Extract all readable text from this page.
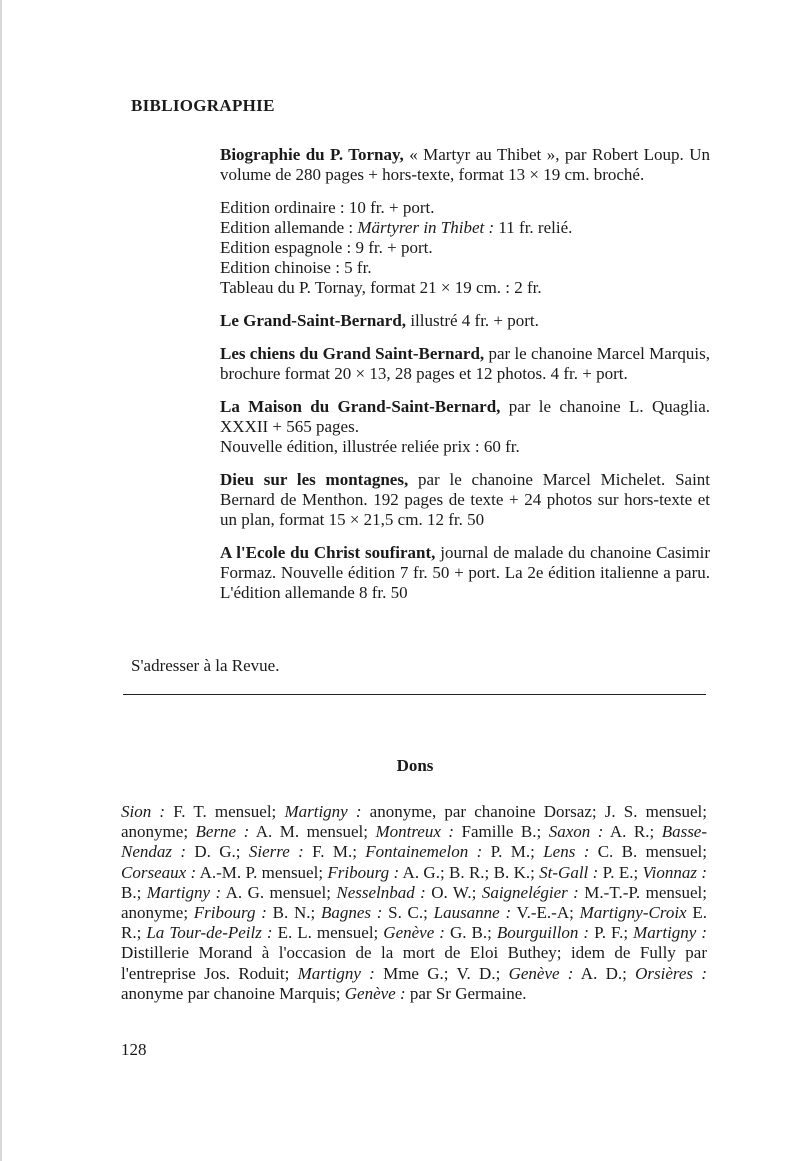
BIBLIOGRAPHIE
Biographie du P. Tornay, « Martyr au Thibet », par Robert Loup. Un volume de 280 pages + hors-texte, format 13 × 19 cm. broché.

Edition ordinaire : 10 fr. + port.

Edition allemande : Märtyrer in Thibet : 11 fr. relié.

Edition espagnole : 9 fr. + port.

Edition chinoise : 5 fr.

Tableau du P. Tornay, format 21 × 19 cm. : 2 fr.

Le Grand-Saint-Bernard, illustré 4 fr. + port.
Les chiens du Grand Saint-Bernard, par le chanoine Marcel Marquis, brochure format 20 × 13, 28 pages et 12 photos. 4 fr. + port.

La Maison du Grand-Saint-Bernard, par le chanoine L. Quaglia. XXXII + 565 pages.

Nouvelle édition, illustrée reliée prix : 60 fr.

Dieu sur les montagnes, par le chanoine Marcel Michelet. Saint Bernard de Menthon. 192 pages de texte + 24 photos sur hors-texte et un plan, format 15 × 21,5 cm. 12 fr. 50
A l'Ecole du Christ soufirant, journal de malade du chanoine Casimir Formaz. Nouvelle édition 7 fr. 50 + port. La 2e édition italienne a paru. L'édition allemande 8 fr. 50
S'adresser à la Revue.
Dons
Sion : F. T. mensuel; Martigny : anonyme, par chanoine Dorsaz; J. S. mensuel; anonyme; Berne : A. M. mensuel; Montreux : Famille B.; Saxon : A. R.; Basse-Nendaz : D. G.; Sierre : F. M.; Fontainemelon : P. M.; Lens : C. B. mensuel; Corseaux : A.-M. P. mensuel; Fribourg : A. G.; B. R.; B. K.; St-Gall : P. E.; Vionnaz : B.; Martigny : A. G. mensuel; Nesselnbad : O. W.; Saignelégier : M.-T.-P. mensuel; anonyme; Fribourg : B. N.; Bagnes : S. C.; Lausanne : V.-E.-A; Martigny-Croix E. R.; La Tour-de-Peilz : E. L. mensuel; Genève : G. B.; Bourguillon : P. F.; Martigny : Distillerie Morand à l'occasion de la mort de Eloi Buthey; idem de Fully par l'entreprise Jos. Roduit; Martigny : Mme G.; V. D.; Genève : A. D.; Orsières : anonyme par chanoine Marquis; Genève : par Sr Germaine.
128
